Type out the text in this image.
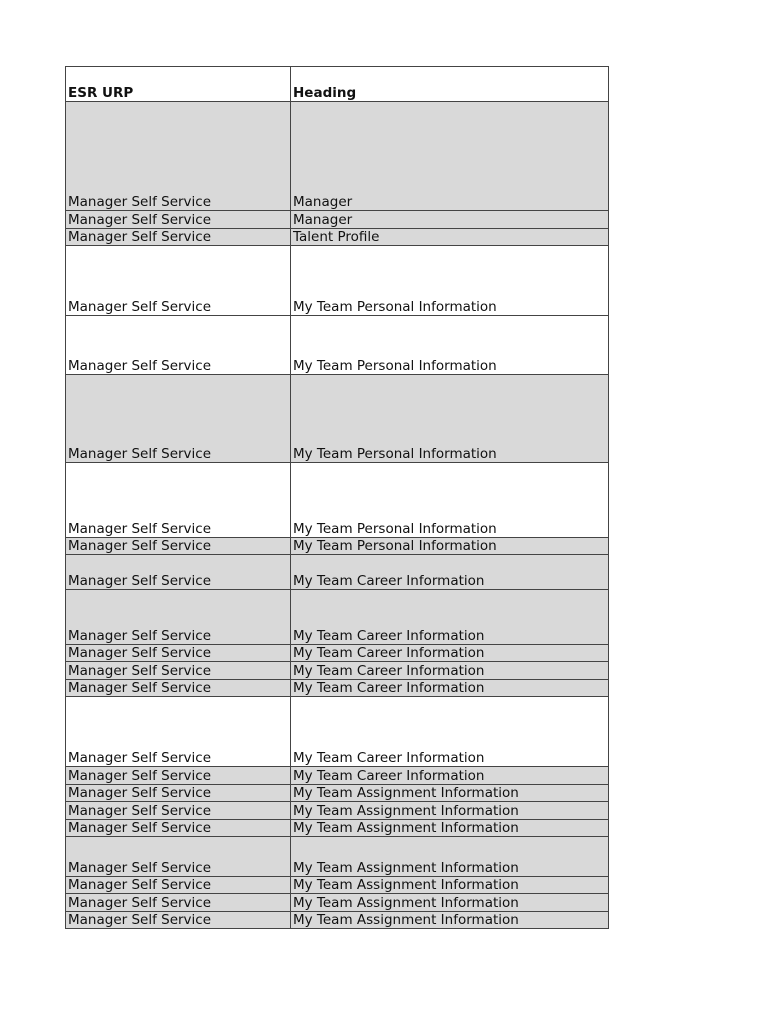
ESR URP	Heading
Manager Self Service	Manager
Manager Self Service	Manager
Manager Self Service	Talent Profile
Manager Self Service	My Team Personal Information
Manager Self Service	My Team Personal Information
Manager Self Service	My Team Personal Information
Manager Self Service	My Team Personal Information
Manager Self Service	My Team Personal Information
Manager Self Service	My Team Career Information
Manager Self Service	My Team Career Information
Manager Self Service	My Team Career Information
Manager Self Service	My Team Career Information
Manager Self Service	My Team Career Information
Manager Self Service	My Team Career Information
Manager Self Service	My Team Career Information
Manager Self Service	My Team Assignment Information
Manager Self Service	My Team Assignment Information
Manager Self Service	My Team Assignment Information
Manager Self Service	My Team Assignment Information
Manager Self Service	My Team Assignment Information
Manager Self Service	My Team Assignment Information
Manager Self Service	My Team Assignment Information
